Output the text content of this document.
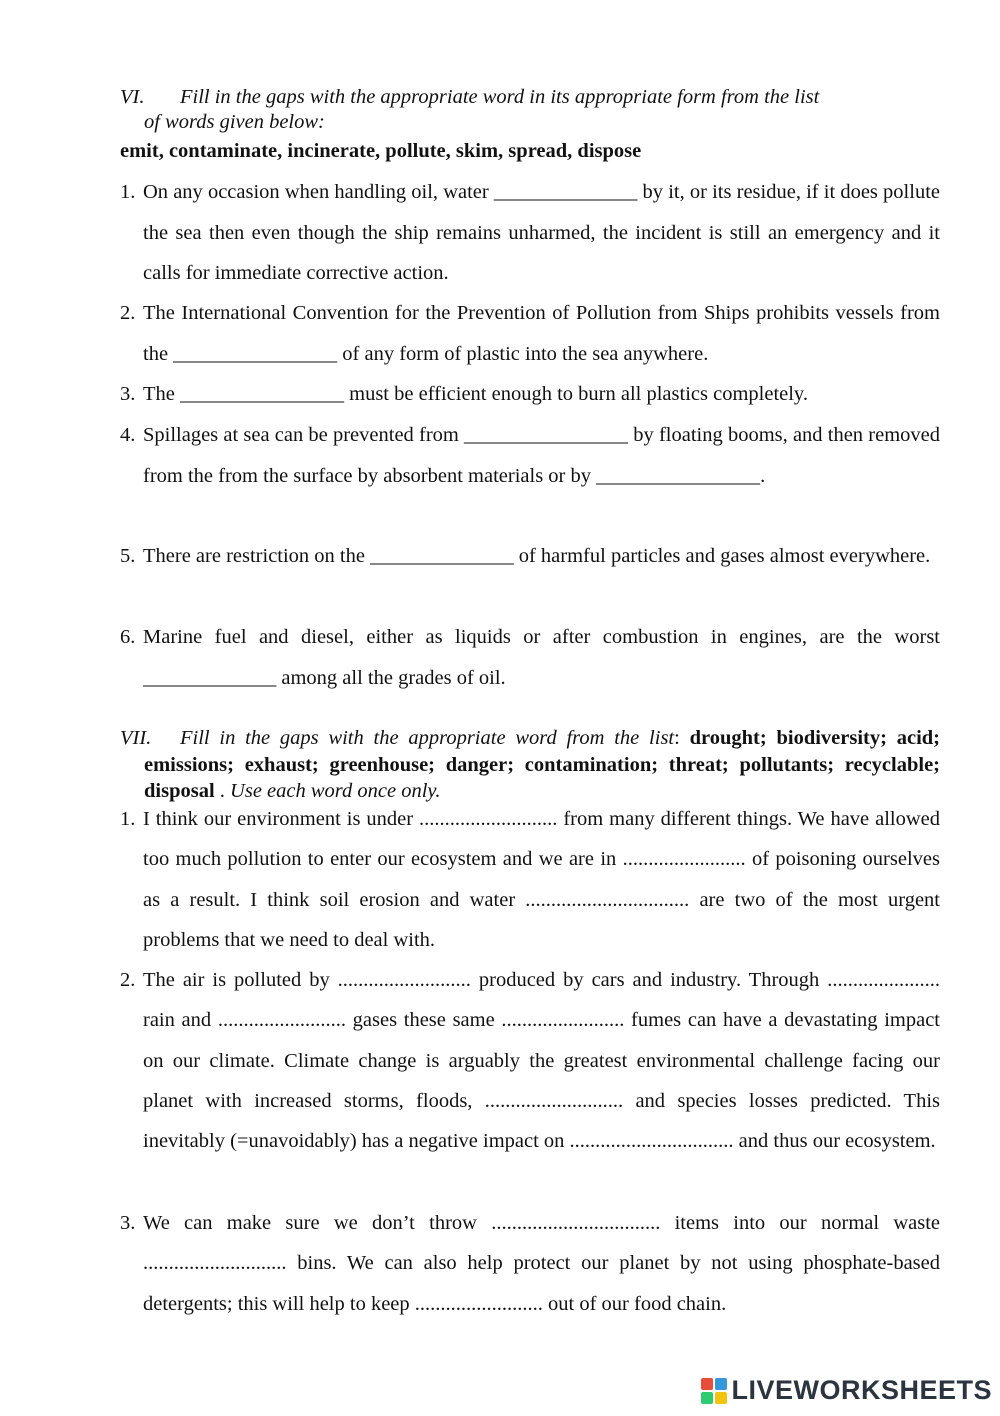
VI. Fill in the gaps with the appropriate word in its appropriate form from the list
of words given below:
emit, contaminate, incinerate, pollute, skim, spread, dispose
1. On any occasion when handling oil, water ______________ by it, or its residue, if it does pollute the sea then even though the ship remains unharmed, the incident is still an emergency and it calls for immediate corrective action.
2. The International Convention for the Prevention of Pollution from Ships prohibits vessels from the ________________ of any form of plastic into the sea anywhere.
3. The ________________ must be efficient enough to burn all plastics completely.
4. Spillages at sea can be prevented from ________________ by floating booms, and then removed from the from the surface by absorbent materials or by ________________.
5. There are restriction on the ______________ of harmful particles and gases almost everywhere.
6. Marine fuel and diesel, either as liquids or after combustion in engines, are the worst _____________ among all the grades of oil.
VII.	Fill in the gaps with the appropriate word from the list: drought; biodiversity; acid; emissions; exhaust; greenhouse; danger; contamination; threat; pollutants; recyclable; disposal . Use each word once only.
1. I think our environment is under ........................... from many different things. We have allowed too much pollution to enter our ecosystem and we are in ........................ of poisoning ourselves as a result. I think soil erosion and water ................................ are two of the most urgent problems that we need to deal with.
2. The air is polluted by .......................... produced by cars and industry. Through ...................... rain and ......................... gases these same ........................ fumes can have a devastating impact on our climate. Climate change is arguably the greatest environmental challenge facing our planet with increased storms, floods, ........................... and species losses predicted. This inevitably (=unavoidably) has a negative impact on ................................ and thus our ecosystem.
3. We can make sure we don’t throw ................................. items into our normal waste ............................ bins. We can also help protect our planet by not using phosphate-based detergents; this will help to keep ......................... out of our food chain.
LIVEWORKSHEETS
